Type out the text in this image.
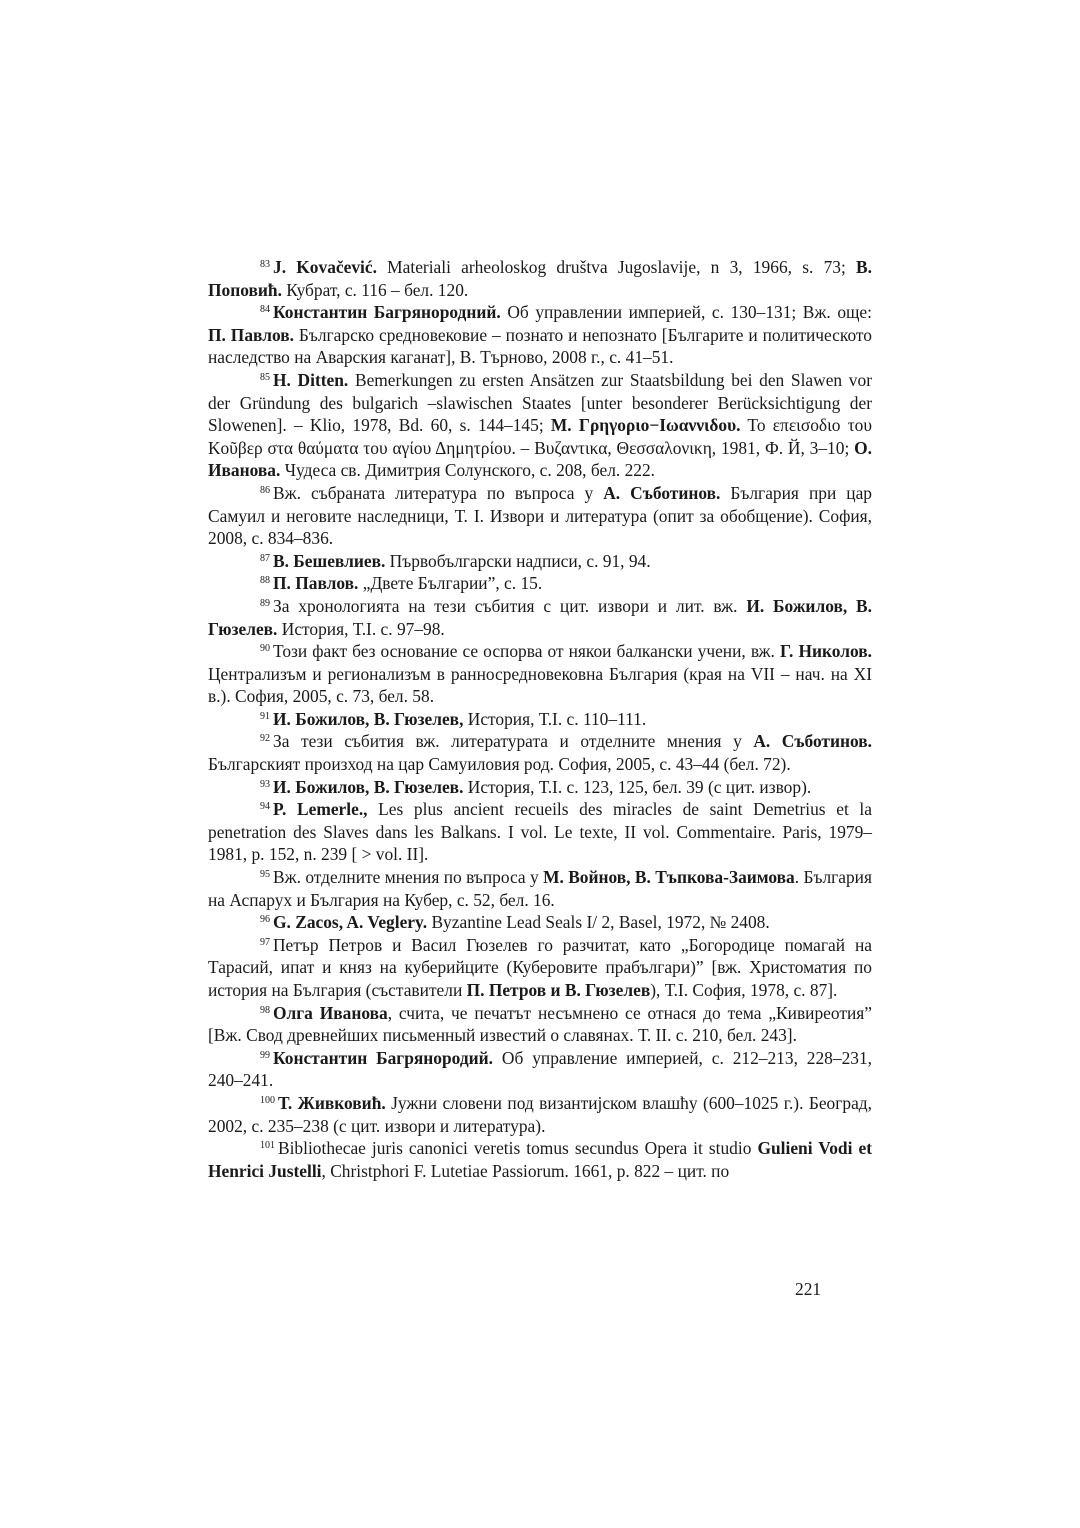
$^{83}$ J. Kovačević. Materiali arheoloskog društva Jugoslavije, n 3, 1966, s. 73; В. Поповић. Кубрат, с. 116 – бел. 120.

$^{84}$ Константин Багрянородний. Об управлении империей, с. 130–131; Вж. още: П. Павлов. Българско средновековие – познато и непознато [Българите и политическото наследство на Аварския каганат], В. Търново, 2008 г., с. 41–51.

$^{85}$ H. Ditten. Bemerkungen zu ersten Ansätzen zur Staatsbildung bei den Slawen vor der Gründung des bulgarich –slawischen Staates [unter besonderer Berücksichtigung der Slowenen]. – Klio, 1978, Bd. 60, s. 144–145; Μ. Γρηγοριο−Ιωαννιδου. Το επεισοδιο του Κοῦβερ στα θαύματα του αγίου Δημητρίου. – Βυζαντικα, Θεσσαλονικη, 1981, Ф. Й, 3–10; О. Иванова. Чудеса св. Димитрия Солунского, с. 208, бел. 222.

$^{86}$ Вж. събраната литература по въпроса у А. Съботинов. България при цар Самуил и неговите наследници, Т. І. Извори и литература (опит за обобщение). София, 2008, с. 834–836.

$^{87}$ В. Бешевлиев. Първобългарски надписи, с. 91, 94.

$^{88}$ П. Павлов. „Двете Българии”, с. 15.

$^{89}$ За хронологията на тези събития с цит. извори и лит. вж. И. Божилов, В. Гюзелев. История, Т.І. с. 97–98.

$^{90}$ Този факт без основание се оспорва от някои балкански учени, вж. Г. Николов. Централизъм и регионализъм в ранносредновековна България (края на VII – нач. на XI в.). София, 2005, с. 73, бел. 58.

$^{91}$ И. Божилов, В. Гюзелев, История, Т.І. с. 110–111.

$^{92}$ За тези събития вж. литературата и отделните мнения у А. Съботинов. Българският произход на цар Самуиловия род. София, 2005, с. 43–44 (бел. 72).

$^{93}$ И. Божилов, В. Гюзелев. История, Т.І. с. 123, 125, бел. 39 (с цит. извор).

$^{94}$ P. Lemerle., Les plus ancient recueils des miracles de saint Demetrius et la penetration des Slaves dans les Balkans. I vol. Le texte, II vol. Commentaire. Paris, 1979–1981, p. 152, n. 239 [ > vol. II].

$^{95}$ Вж. отделните мнения по въпроса у М. Войнов, В. Тъпкова-Заимова. България на Аспарух и България на Кубер, с. 52, бел. 16.

$^{96}$ G. Zacos, A. Veglery. Byzantine Lead Seals I/ 2, Basel, 1972, № 2408.

$^{97}$ Петър Петров и Васил Гюзелев го разчитат, като „Богородице помагай на Тарасий, ипат и княз на куберийците (Куберовите прабългари)” [вж. Христоматия по история на България (съставители П. Петров и В. Гюзелев), Т.І. София, 1978, с. 87].

$^{98}$ Олга Иванова, счита, че печатът несъмнено се отнася до тема „Кивиреотия” [Вж. Свод древнейших письменный известий о славянах. Т. II. с. 210, бел. 243].

$^{99}$ Константин Багрянородий. Об управление империей, с. 212–213, 228–231, 240–241.

$^{100}$ Т. Живковић. Јужни словени под византијском влашћу (600–1025 г.). Београд, 2002, с. 235–238 (с цит. извори и литература).

$^{101}$ Bibliothecae juris canonici veretis tomus secundus Opera it studio Gulieni Vodi et Henrici Justelli, Christphori F. Lutetiae Passiorum. 1661, p. 822 – цит. по

221
